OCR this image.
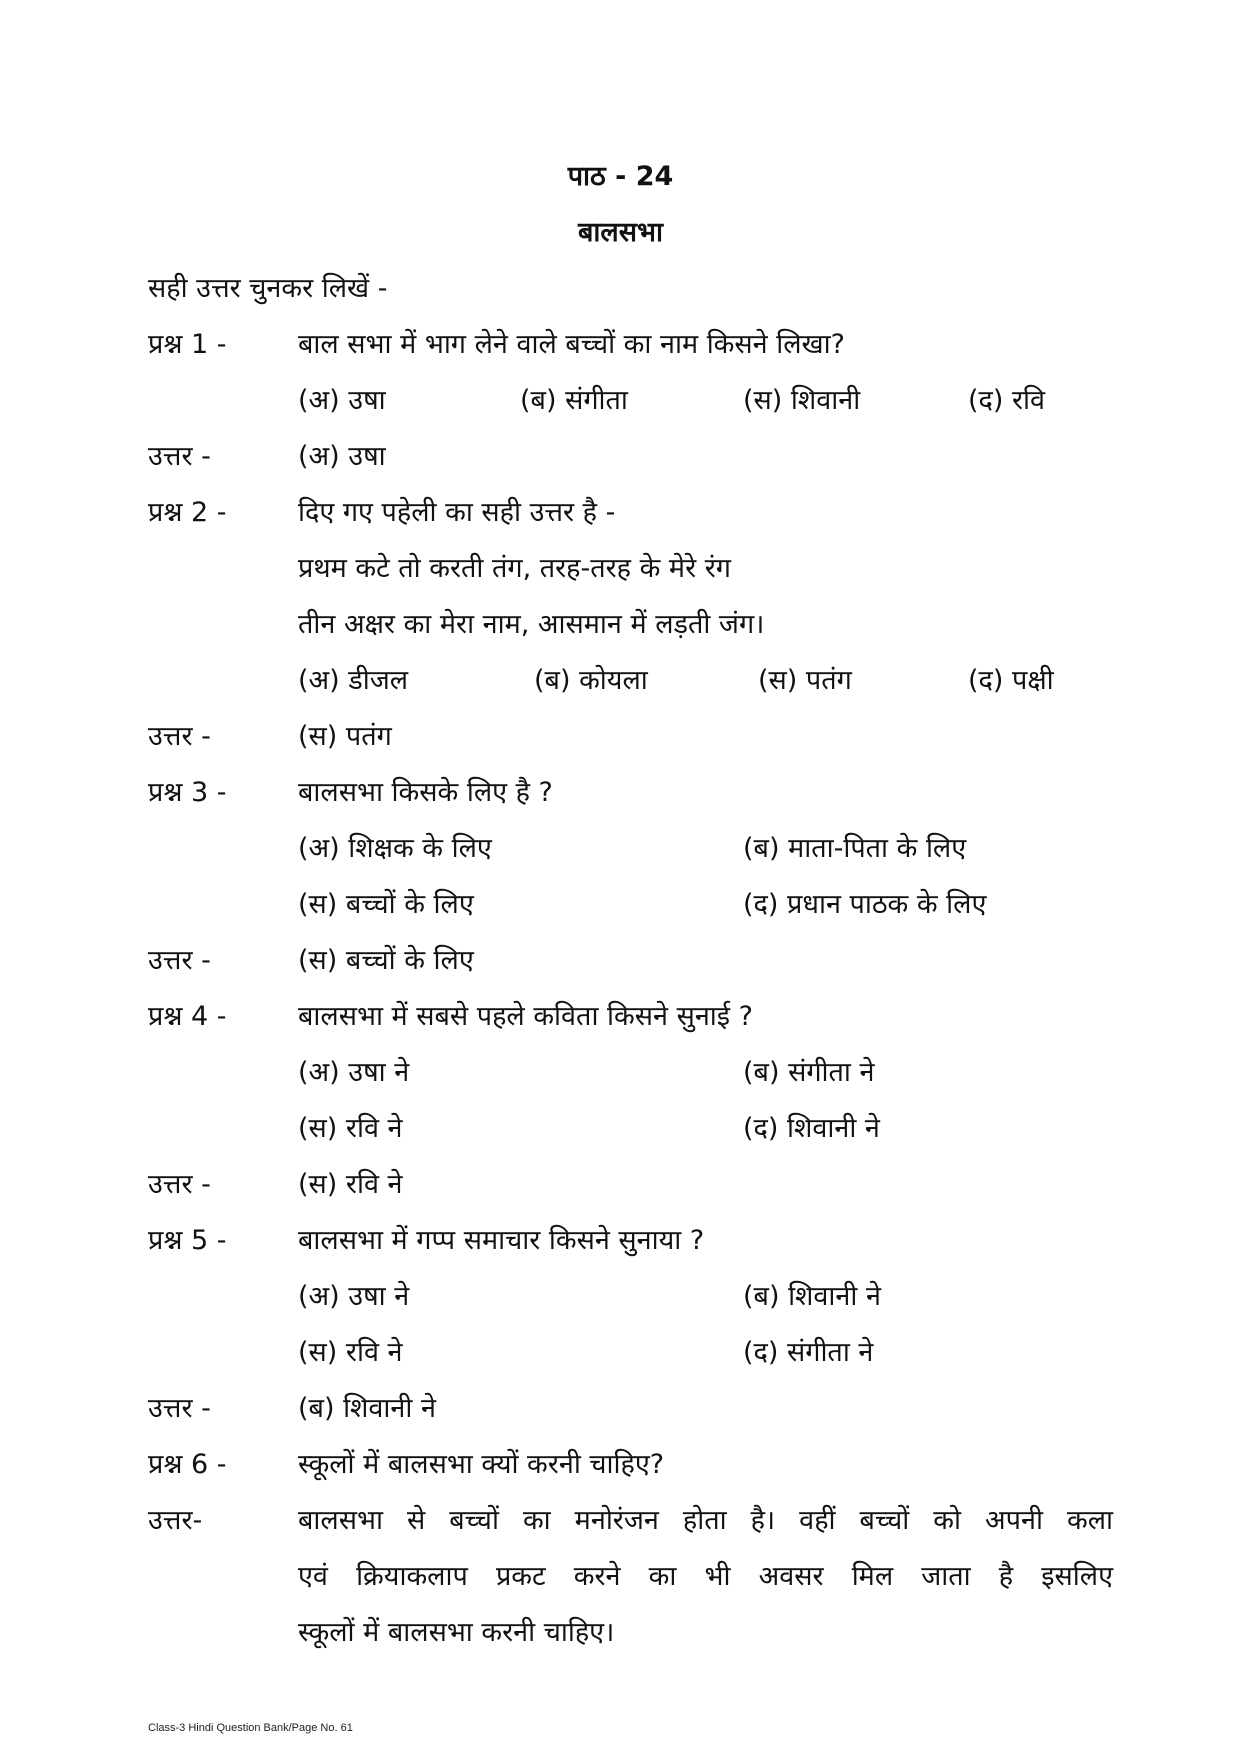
पाठ - 24
बालसभा
सही उत्तर चुनकर लिखें -
प्रश्न 1 -	बाल सभा में भाग लेने वाले बच्चों का नाम किसने लिखा?
(अ) उषा	(ब) संगीता	(स) शिवानी	(द) रवि
उत्तर -	(अ) उषा
प्रश्न 2 -	दिए गए पहेली का सही उत्तर है -
प्रथम कटे तो करती तंग, तरह-तरह के मेरे रंग
तीन अक्षर का मेरा नाम, आसमान में लड़ती जंग।
(अ) डीजल	(ब) कोयला	(स) पतंग	(द) पक्षी
उत्तर -	(स) पतंग
प्रश्न 3 -	बालसभा किसके लिए है ?
(अ) शिक्षक के लिए	(ब) माता-पिता के लिए
(स) बच्चों के लिए	(द) प्रधान पाठक के लिए
उत्तर -	(स) बच्चों के लिए
प्रश्न 4 -	बालसभा में सबसे पहले कविता किसने सुनाई ?
(अ) उषा ने	(ब) संगीता ने
(स) रवि ने	(द) शिवानी ने
उत्तर -	(स) रवि ने
प्रश्न 5 -	बालसभा में गप्प समाचार किसने सुनाया ?
(अ) उषा ने	(ब) शिवानी ने
(स) रवि ने	(द) संगीता ने
उत्तर -	(ब) शिवानी ने
प्रश्न 6 -	स्कूलों में बालसभा क्यों करनी चाहिए?
उत्तर-	बालसभा से बच्चों का मनोरंजन होता है। वहीं बच्चों को अपनी कला
एवं क्रियाकलाप प्रकट करने का भी अवसर मिल जाता है इसलिए
स्कूलों में बालसभा करनी चाहिए।
Class-3 Hindi Question Bank/Page No. 61
